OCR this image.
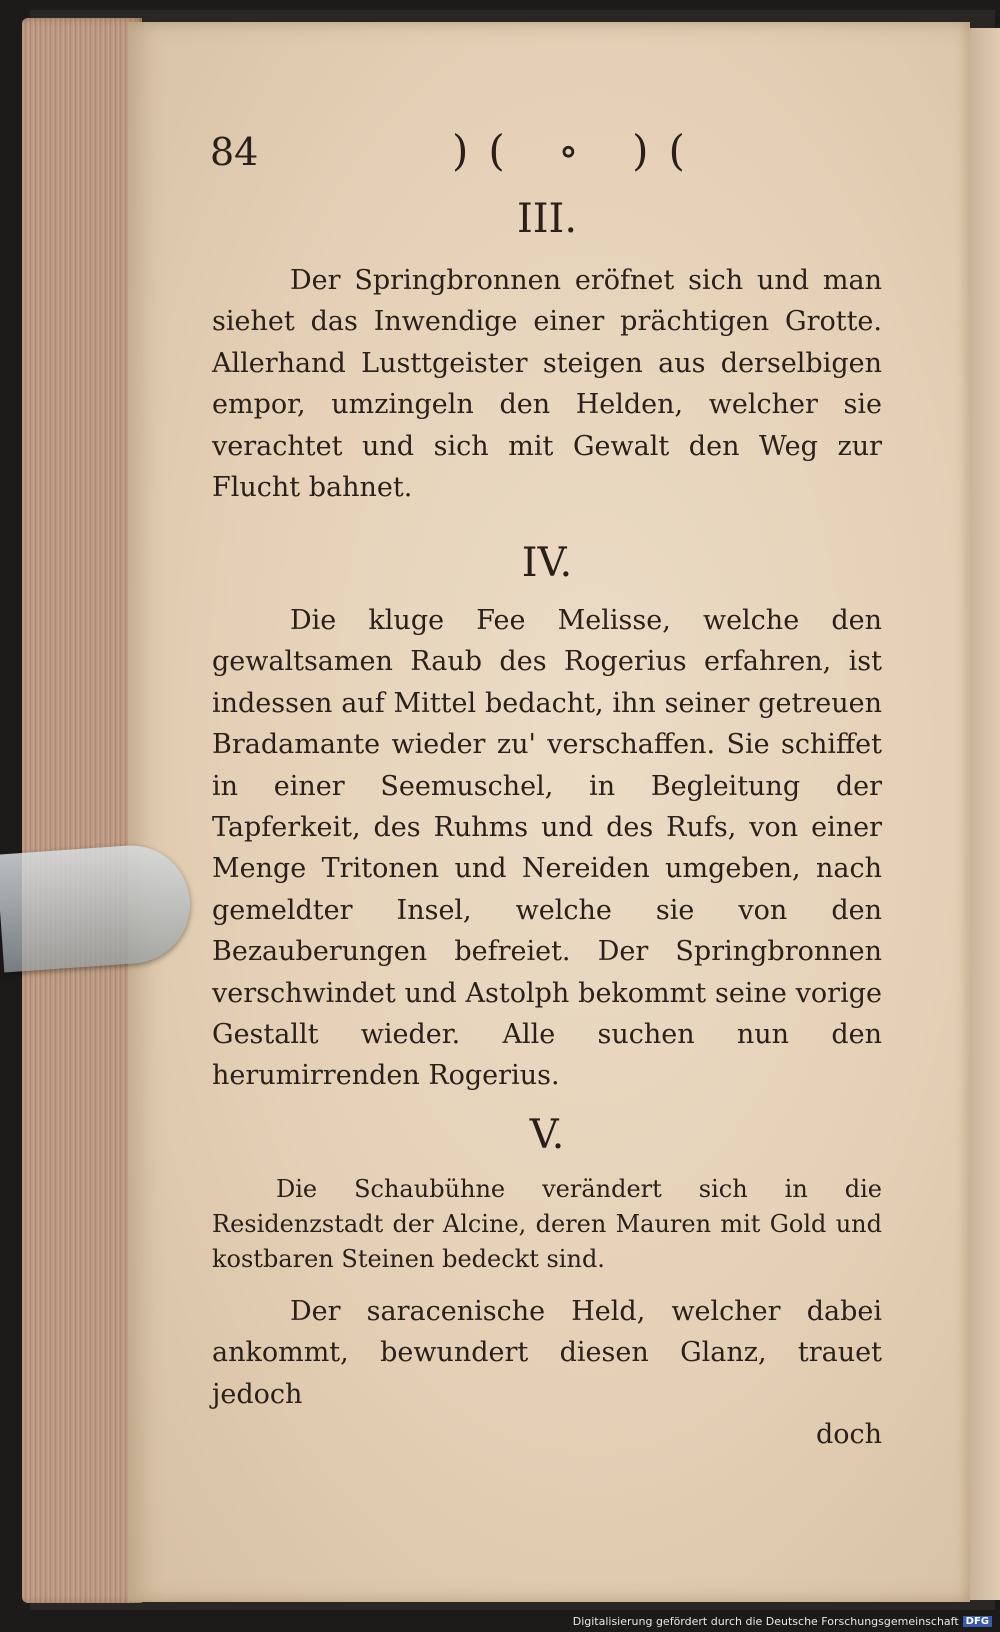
84	)( ∘ )(
III.

Der Springbronnen eröfnet sich und man siehet das Inwendige einer prächtigen Grotte. Allerhand Lusttgeister steigen aus derselbigen empor, umzingeln den Helden, welcher sie verachtet und sich mit Gewalt den Weg zur Flucht bahnet.

IV.

Die kluge Fee Melisse, welche den gewaltsamen Raub des Rogerius erfahren, ist indessen auf Mittel bedacht, ihn seiner getreuen Bradamante wieder zu' verschaffen. Sie schiffet in einer Seemuschel, in Begleitung der Tapferkeit, des Ruhms und des Rufs, von einer Menge Tritonen und Nereiden umgeben, nach gemeldter Insel, welche sie von den Bezauberungen befreiet. Der Springbronnen verschwindet und Astolph bekommt seine vorige Gestallt wieder. Alle suchen nun den herumirrenden Rogerius.

V.

Die Schaubühne verändert sich in die Residenzstadt der Alcine, deren Mauren mit Gold und kostbaren Steinen bedeckt sind.

Der saracenische Held, welcher dabei ankommt, bewundert diesen Glanz, trauet jedoch

doch
Digitalisierung gefördert durch die Deutsche Forschungsgemeinschaft DFG
